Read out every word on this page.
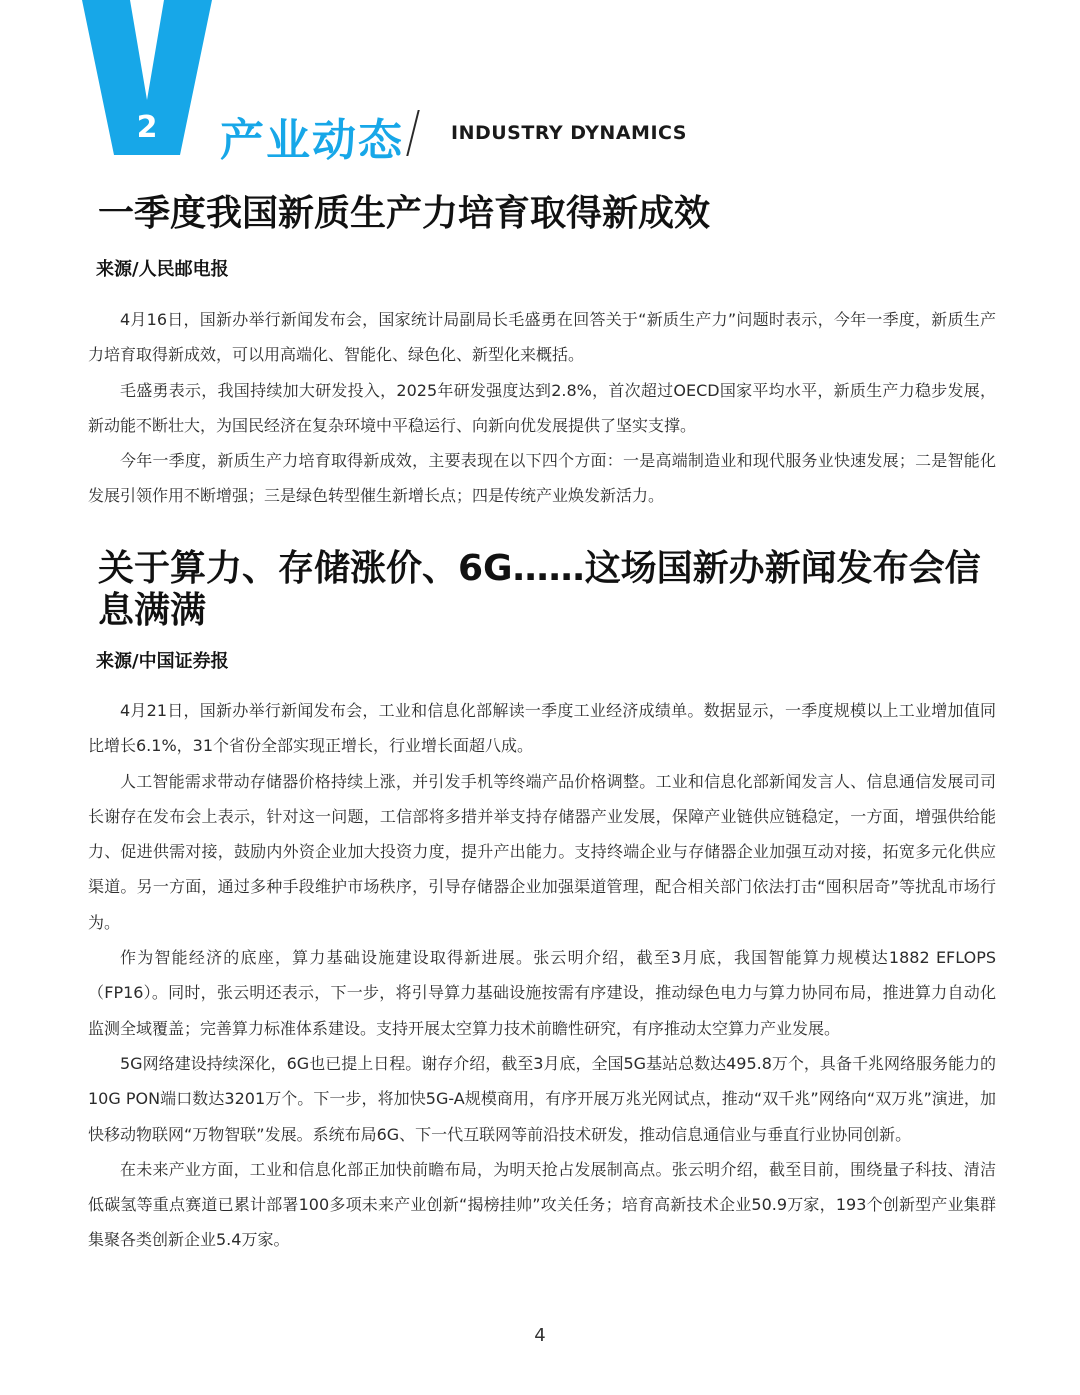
2 产业动态 INDUSTRY DYNAMICS
一季度我国新质生产力培育取得新成效
来源/人民邮电报

4月16日，国新办举行新闻发布会，国家统计局副局长毛盛勇在回答关于“新质生产力”问题时表示，今年一季度，新质生产力培育取得新成效，可以用高端化、智能化、绿色化、新型化来概括。

毛盛勇表示，我国持续加大研发投入，2025年研发强度达到2.8%，首次超过OECD国家平均水平，新质生产力稳步发展，新动能不断壮大，为国民经济在复杂环境中平稳运行、向新向优发展提供了坚实支撑。

今年一季度，新质生产力培育取得新成效，主要表现在以下四个方面：一是高端制造业和现代服务业快速发展；二是智能化发展引领作用不断增强；三是绿色转型催生新增长点；四是传统产业焕发新活力。

关于算力、存储涨价、6G……这场国新办新闻发布会信息满满
来源/中国证券报

4月21日，国新办举行新闻发布会，工业和信息化部解读一季度工业经济成绩单。数据显示，一季度规模以上工业增加值同比增长6.1%，31个省份全部实现正增长，行业增长面超八成。

人工智能需求带动存储器价格持续上涨，并引发手机等终端产品价格调整。工业和信息化部新闻发言人、信息通信发展司司长谢存在发布会上表示，针对这一问题，工信部将多措并举支持存储器产业发展，保障产业链供应链稳定，一方面，增强供给能力、促进供需对接，鼓励内外资企业加大投资力度，提升产出能力。支持终端企业与存储器企业加强互动对接，拓宽多元化供应渠道。另一方面，通过多种手段维护市场秩序，引导存储器企业加强渠道管理，配合相关部门依法打击“囤积居奇”等扰乱市场行为。

作为智能经济的底座，算力基础设施建设取得新进展。张云明介绍，截至3月底，我国智能算力规模达1882 EFLOPS（FP16）。同时，张云明还表示，下一步，将引导算力基础设施按需有序建设，推动绿色电力与算力协同布局，推进算力自动化监测全域覆盖；完善算力标准体系建设。支持开展太空算力技术前瞻性研究，有序推动太空算力产业发展。

5G网络建设持续深化，6G也已提上日程。谢存介绍，截至3月底，全国5G基站总数达495.8万个，具备千兆网络服务能力的10G PON端口数达3201万个。下一步，将加快5G-A规模商用，有序开展万兆光网试点，推动“双千兆”网络向“双万兆”演进，加快移动物联网“万物智联”发展。系统布局6G、下一代互联网等前沿技术研发，推动信息通信业与垂直行业协同创新。

在未来产业方面，工业和信息化部正加快前瞻布局，为明天抢占发展制高点。张云明介绍，截至目前，围绕量子科技、清洁低碳氢等重点赛道已累计部署100多项未来产业创新“揭榜挂帅”攻关任务；培育高新技术企业50.9万家，193个创新型产业集群集聚各类创新企业5.4万家。

4
